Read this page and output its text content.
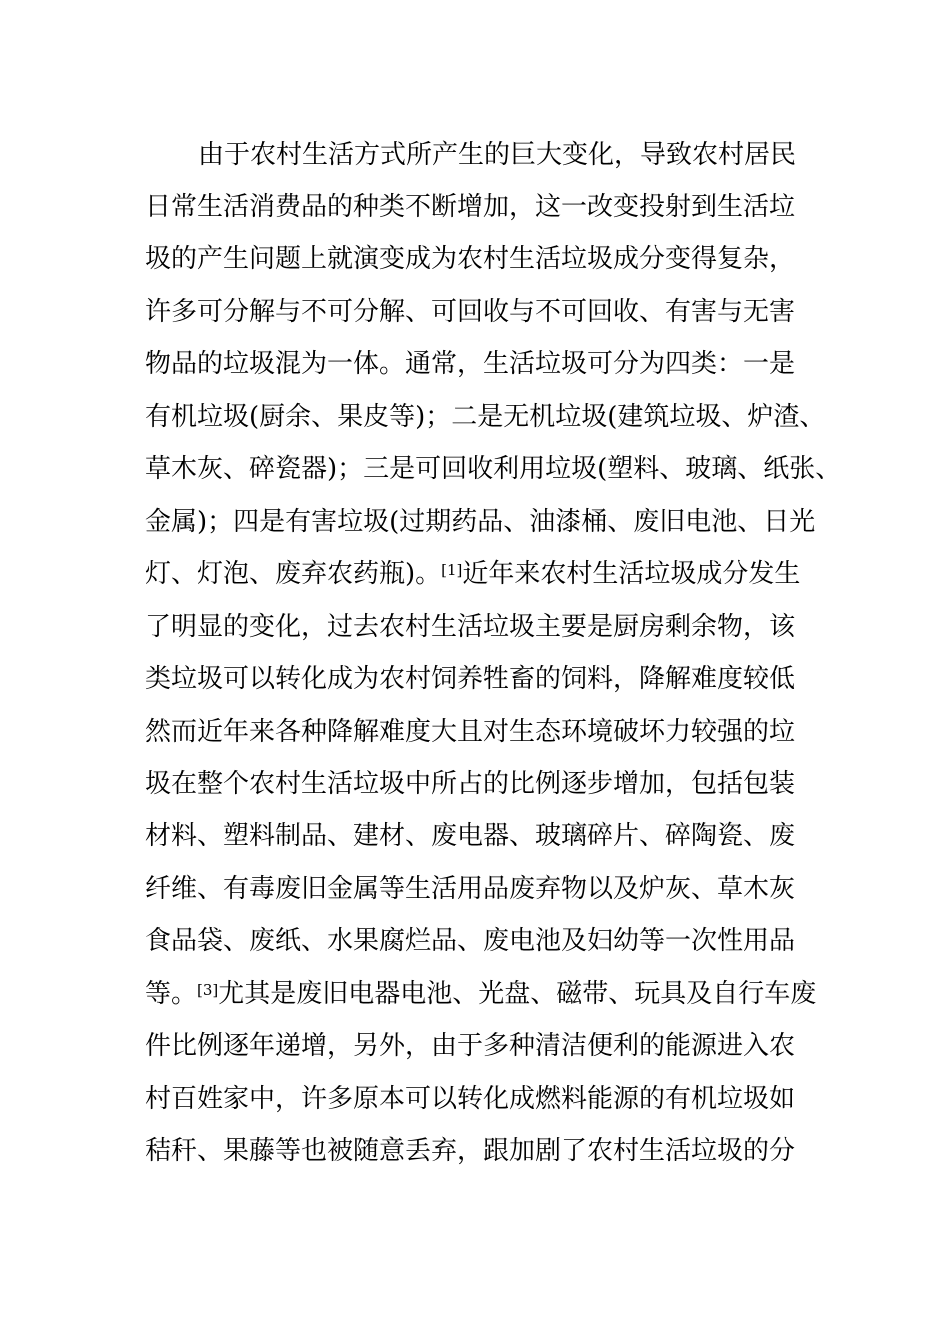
由于农村生活方式所产生的巨大变化，导致农村居民
日常生活消费品的种类不断增加，这一改变投射到生活垃
圾的产生问题上就演变成为农村生活垃圾成分变得复杂，
许多可分解与不可分解、可回收与不可回收、有害与无害
物品的垃圾混为一体。通常，生活垃圾可分为四类：一是
有机垃圾(厨余、果皮等)；二是无机垃圾(建筑垃圾、炉渣、
草木灰、碎瓷器)；三是可回收利用垃圾(塑料、玻璃、纸张、
金属)；四是有害垃圾(过期药品、油漆桶、废旧电池、日光
灯、灯泡、废弃农药瓶)。[1]近年来农村生活垃圾成分发生
了明显的变化，过去农村生活垃圾主要是厨房剩余物，该
类垃圾可以转化成为农村饲养牲畜的饲料，降解难度较低
然而近年来各种降解难度大且对生态环境破坏力较强的垃
圾在整个农村生活垃圾中所占的比例逐步增加，包括包装
材料、塑料制品、建材、废电器、玻璃碎片、碎陶瓷、废
纤维、有毒废旧金属等生活用品废弃物以及炉灰、草木灰
食品袋、废纸、水果腐烂品、废电池及妇幼等一次性用品
等。[3]尤其是废旧电器电池、光盘、磁带、玩具及自行车废
件比例逐年递增，另外，由于多种清洁便利的能源进入农
村百姓家中，许多原本可以转化成燃料能源的有机垃圾如
秸秆、果藤等也被随意丢弃，跟加剧了农村生活垃圾的分
